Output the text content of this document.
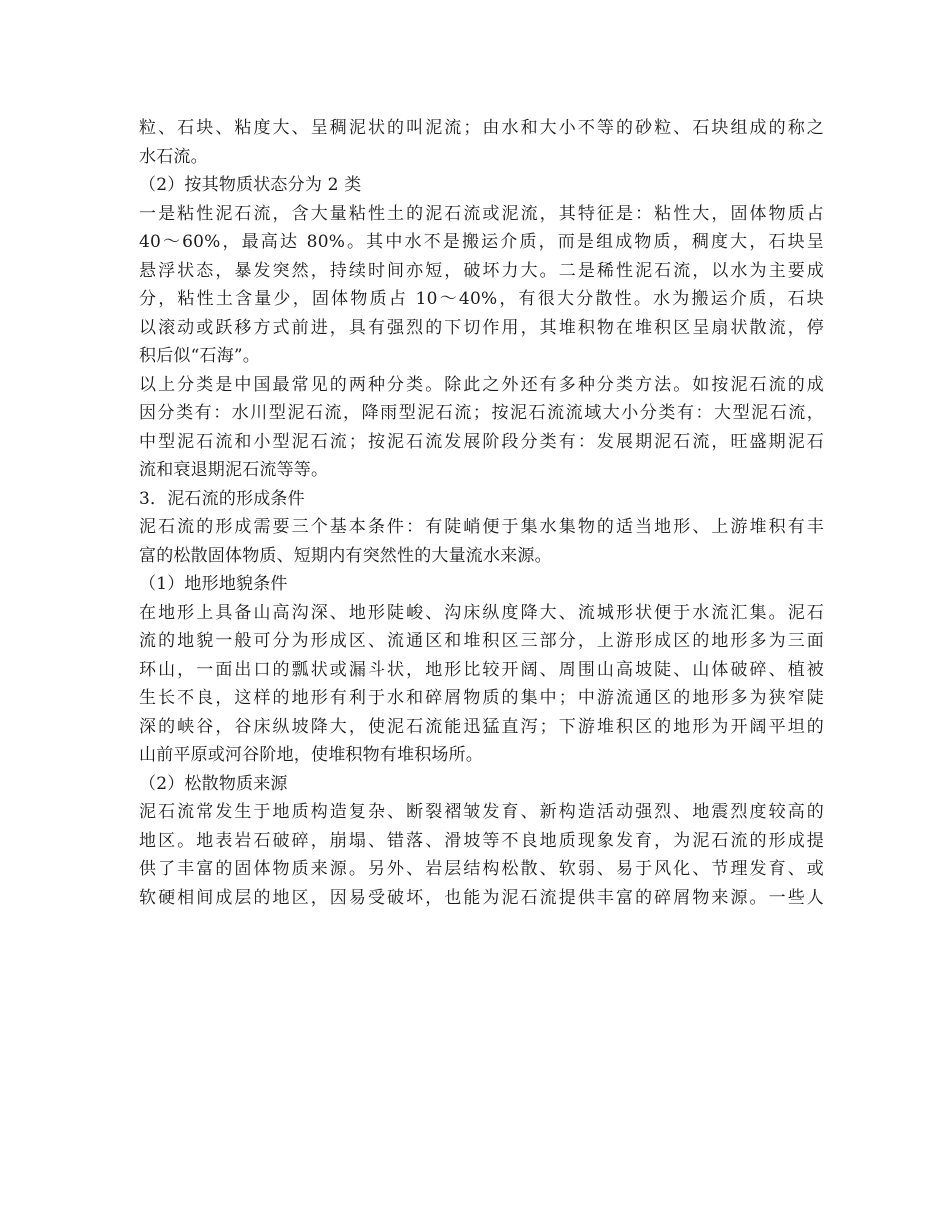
粒、石块、粘度大、呈稠泥状的叫泥流；由水和大小不等的砂粒、石块组成的称之
水石流。
（2）按其物质状态分为 2 类
一是粘性泥石流，含大量粘性土的泥石流或泥流，其特征是：粘性大，固体物质占
40～60%，最高达 80%。其中水不是搬运介质，而是组成物质，稠度大，石块呈
悬浮状态，暴发突然，持续时间亦短，破坏力大。二是稀性泥石流，以水为主要成
分，粘性土含量少，固体物质占 10～40%，有很大分散性。水为搬运介质，石块
以滚动或跃移方式前进，具有强烈的下切作用，其堆积物在堆积区呈扇状散流，停
积后似“石海”。
以上分类是中国最常见的两种分类。除此之外还有多种分类方法。如按泥石流的成
因分类有：水川型泥石流，降雨型泥石流；按泥石流流域大小分类有：大型泥石流，
中型泥石流和小型泥石流；按泥石流发展阶段分类有：发展期泥石流，旺盛期泥石
流和衰退期泥石流等等。
3．泥石流的形成条件
泥石流的形成需要三个基本条件：有陡峭便于集水集物的适当地形、上游堆积有丰
富的松散固体物质、短期内有突然性的大量流水来源。
（1）地形地貌条件
在地形上具备山高沟深、地形陡峻、沟床纵度降大、流城形状便于水流汇集。泥石
流的地貌一般可分为形成区、流通区和堆积区三部分，上游形成区的地形多为三面
环山，一面出口的瓢状或漏斗状，地形比较开阔、周围山高坡陡、山体破碎、植被
生长不良，这样的地形有利于水和碎屑物质的集中；中游流通区的地形多为狭窄陡
深的峡谷，谷床纵坡降大，使泥石流能迅猛直泻；下游堆积区的地形为开阔平坦的
山前平原或河谷阶地，使堆积物有堆积场所。
（2）松散物质来源
泥石流常发生于地质构造复杂、断裂褶皱发育、新构造活动强烈、地震烈度较高的
地区。地表岩石破碎，崩塌、错落、滑坡等不良地质现象发育，为泥石流的形成提
供了丰富的固体物质来源。另外、岩层结构松散、软弱、易于风化、节理发育、或
软硬相间成层的地区，因易受破坏，也能为泥石流提供丰富的碎屑物来源。一些人
